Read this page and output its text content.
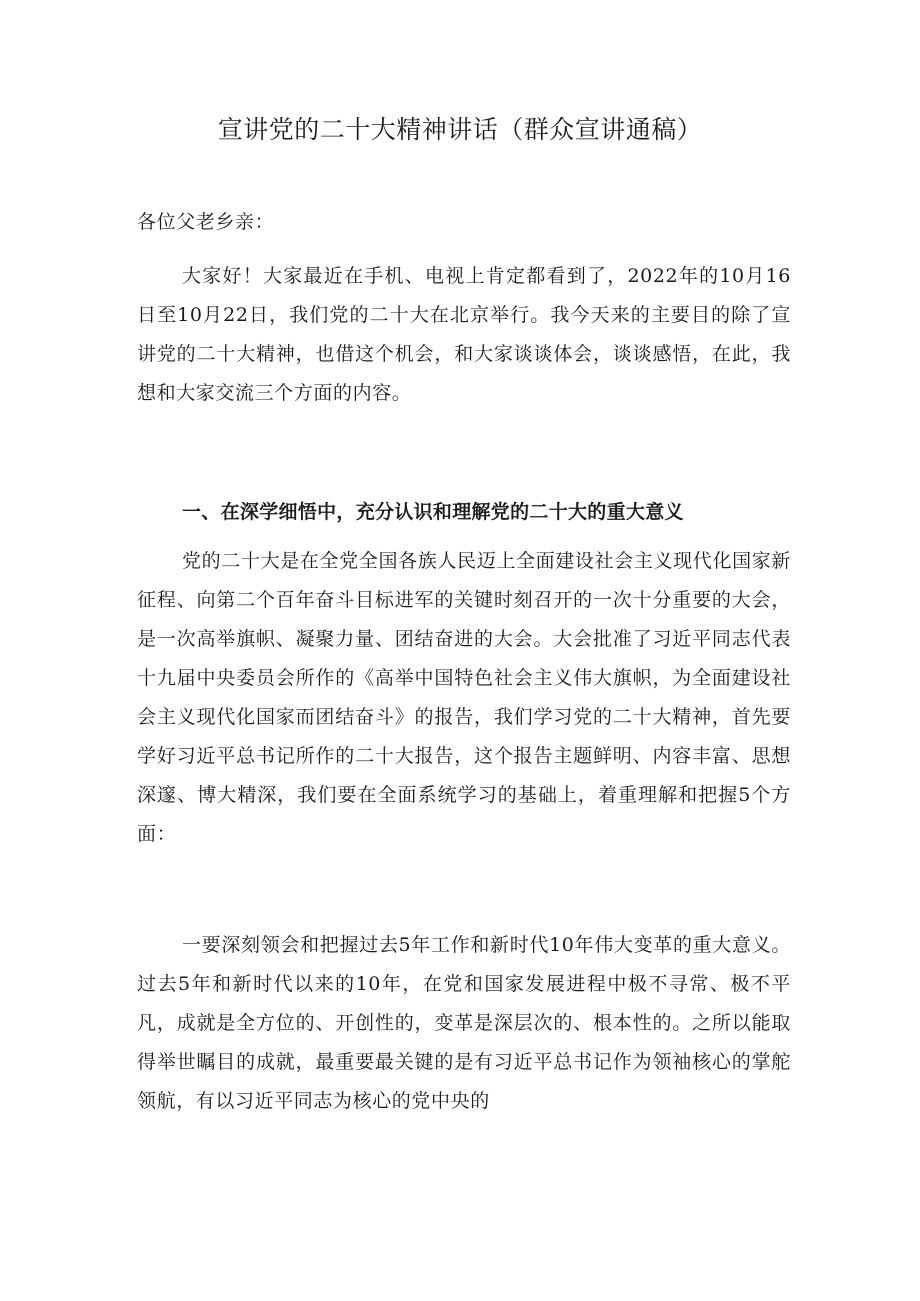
宣讲党的二十大精神讲话（群众宣讲通稿）

各位父老乡亲：

大家好！大家最近在手机、电视上肯定都看到了，2022年的10月16日至10月22日，我们党的二十大在北京举行。我今天来的主要目的除了宣讲党的二十大精神，也借这个机会，和大家谈谈体会，谈谈感悟，在此，我想和大家交流三个方面的内容。

一、在深学细悟中，充分认识和理解党的二十大的重大意义

党的二十大是在全党全国各族人民迈上全面建设社会主义现代化国家新征程、向第二个百年奋斗目标进军的关键时刻召开的一次十分重要的大会，是一次高举旗帜、凝聚力量、团结奋进的大会。大会批准了习近平同志代表十九届中央委员会所作的《高举中国特色社会主义伟大旗帜，为全面建设社会主义现代化国家而团结奋斗》的报告，我们学习党的二十大精神，首先要学好习近平总书记所作的二十大报告，这个报告主题鲜明、内容丰富、思想深邃、博大精深，我们要在全面系统学习的基础上，着重理解和把握5个方面：

一要深刻领会和把握过去5年工作和新时代10年伟大变革的重大意义。过去5年和新时代以来的10年，在党和国家发展进程中极不寻常、极不平凡，成就是全方位的、开创性的，变革是深层次的、根本性的。之所以能取得举世瞩目的成就，最重要最关键的是有习近平总书记作为领袖核心的掌舵领航，有以习近平同志为核心的党中央的
